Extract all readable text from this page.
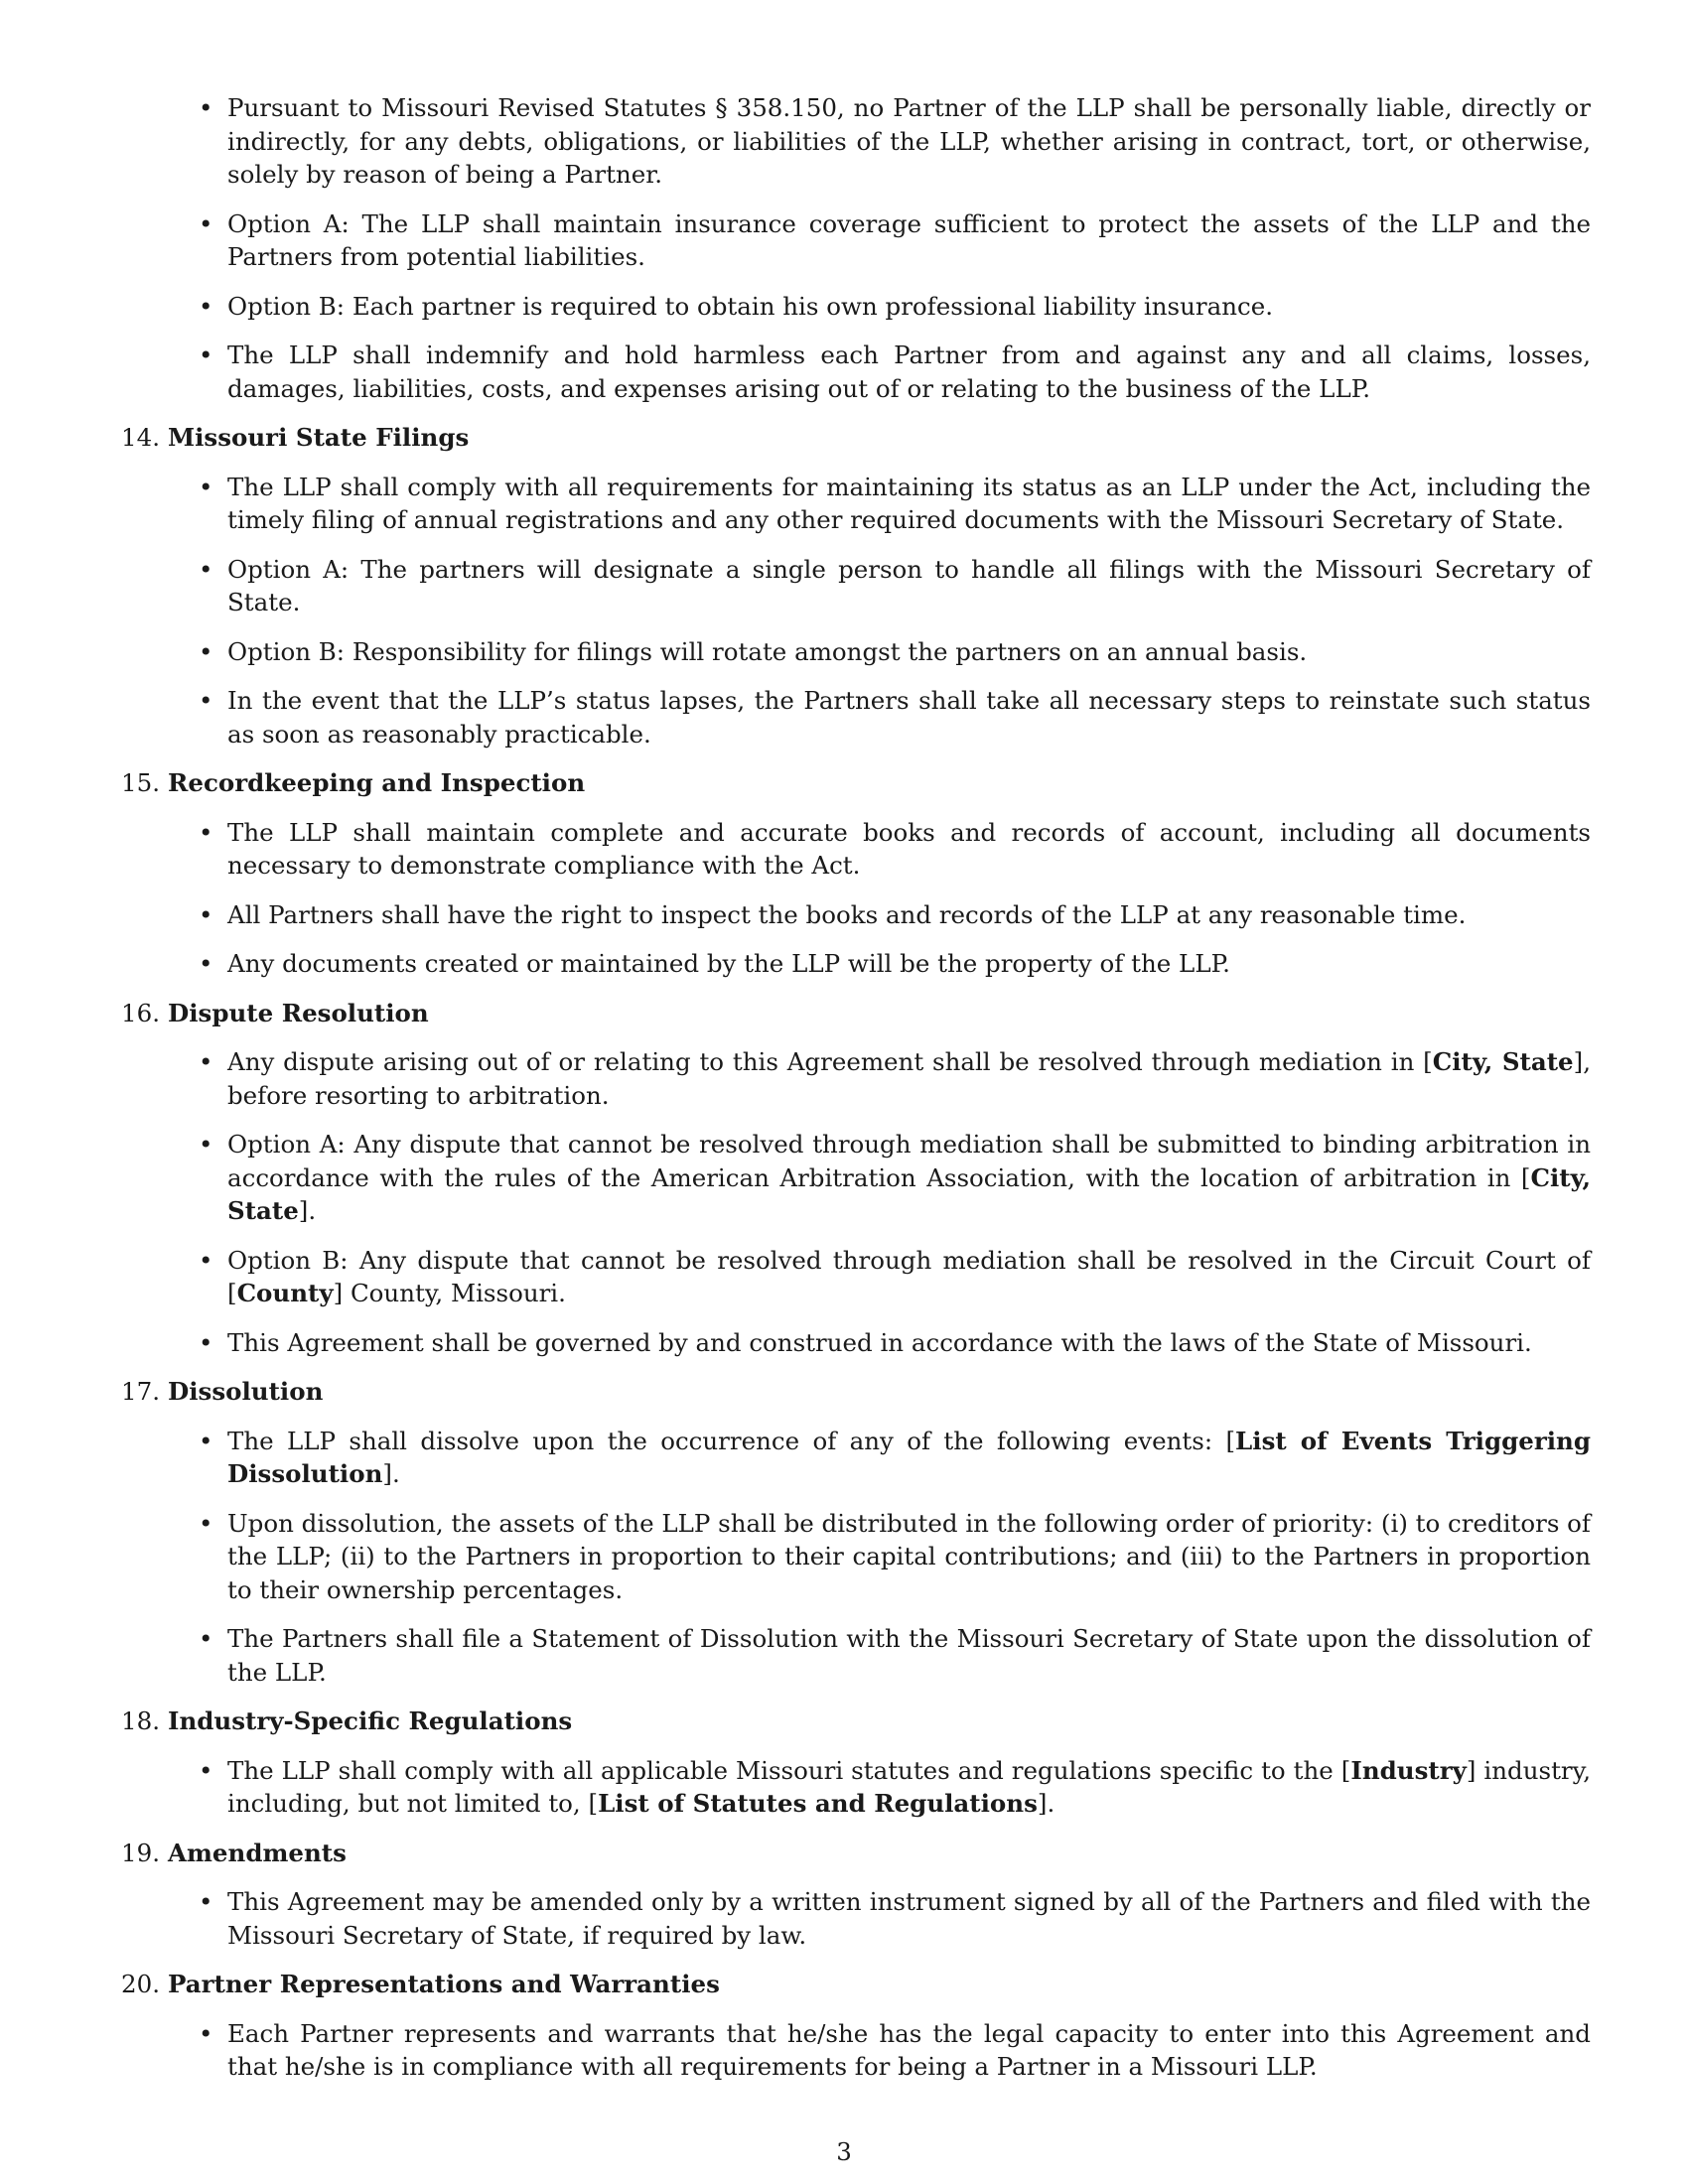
• Pursuant to Missouri Revised Statutes § 358.150, no Partner of the LLP shall be personally liable, directly or indirectly, for any debts, obligations, or liabilities of the LLP, whether arising in contract, tort, or otherwise, solely by reason of being a Partner.
• Option A: The LLP shall maintain insurance coverage sufficient to protect the assets of the LLP and the Partners from potential liabilities.
• Option B: Each partner is required to obtain his own professional liability insurance.
• The LLP shall indemnify and hold harmless each Partner from and against any and all claims, losses, damages, liabilities, costs, and expenses arising out of or relating to the business of the LLP.
14. Missouri State Filings
• The LLP shall comply with all requirements for maintaining its status as an LLP under the Act, including the timely filing of annual registrations and any other required documents with the Missouri Secretary of State.
• Option A: The partners will designate a single person to handle all filings with the Missouri Secretary of State.
• Option B: Responsibility for filings will rotate amongst the partners on an annual basis.
• In the event that the LLP’s status lapses, the Partners shall take all necessary steps to reinstate such status as soon as reasonably practicable.
15. Recordkeeping and Inspection
• The LLP shall maintain complete and accurate books and records of account, including all documents necessary to demonstrate compliance with the Act.
• All Partners shall have the right to inspect the books and records of the LLP at any reasonable time.
• Any documents created or maintained by the LLP will be the property of the LLP.
16. Dispute Resolution
• Any dispute arising out of or relating to this Agreement shall be resolved through mediation in [City, State], before resorting to arbitration.
• Option A: Any dispute that cannot be resolved through mediation shall be submitted to binding arbitration in accordance with the rules of the American Arbitration Association, with the location of arbitration in [City, State].
• Option B: Any dispute that cannot be resolved through mediation shall be resolved in the Circuit Court of [County] County, Missouri.
• This Agreement shall be governed by and construed in accordance with the laws of the State of Missouri.
17. Dissolution
• The LLP shall dissolve upon the occurrence of any of the following events: [List of Events Triggering Dissolution].
• Upon dissolution, the assets of the LLP shall be distributed in the following order of priority: (i) to creditors of the LLP; (ii) to the Partners in proportion to their capital contributions; and (iii) to the Partners in proportion to their ownership percentages.
• The Partners shall file a Statement of Dissolution with the Missouri Secretary of State upon the dissolution of the LLP.
18. Industry-Specific Regulations
• The LLP shall comply with all applicable Missouri statutes and regulations specific to the [Industry] industry, including, but not limited to, [List of Statutes and Regulations].
19. Amendments
• This Agreement may be amended only by a written instrument signed by all of the Partners and filed with the Missouri Secretary of State, if required by law.
20. Partner Representations and Warranties
• Each Partner represents and warrants that he/she has the legal capacity to enter into this Agreement and that he/she is in compliance with all requirements for being a Partner in a Missouri LLP.
3
